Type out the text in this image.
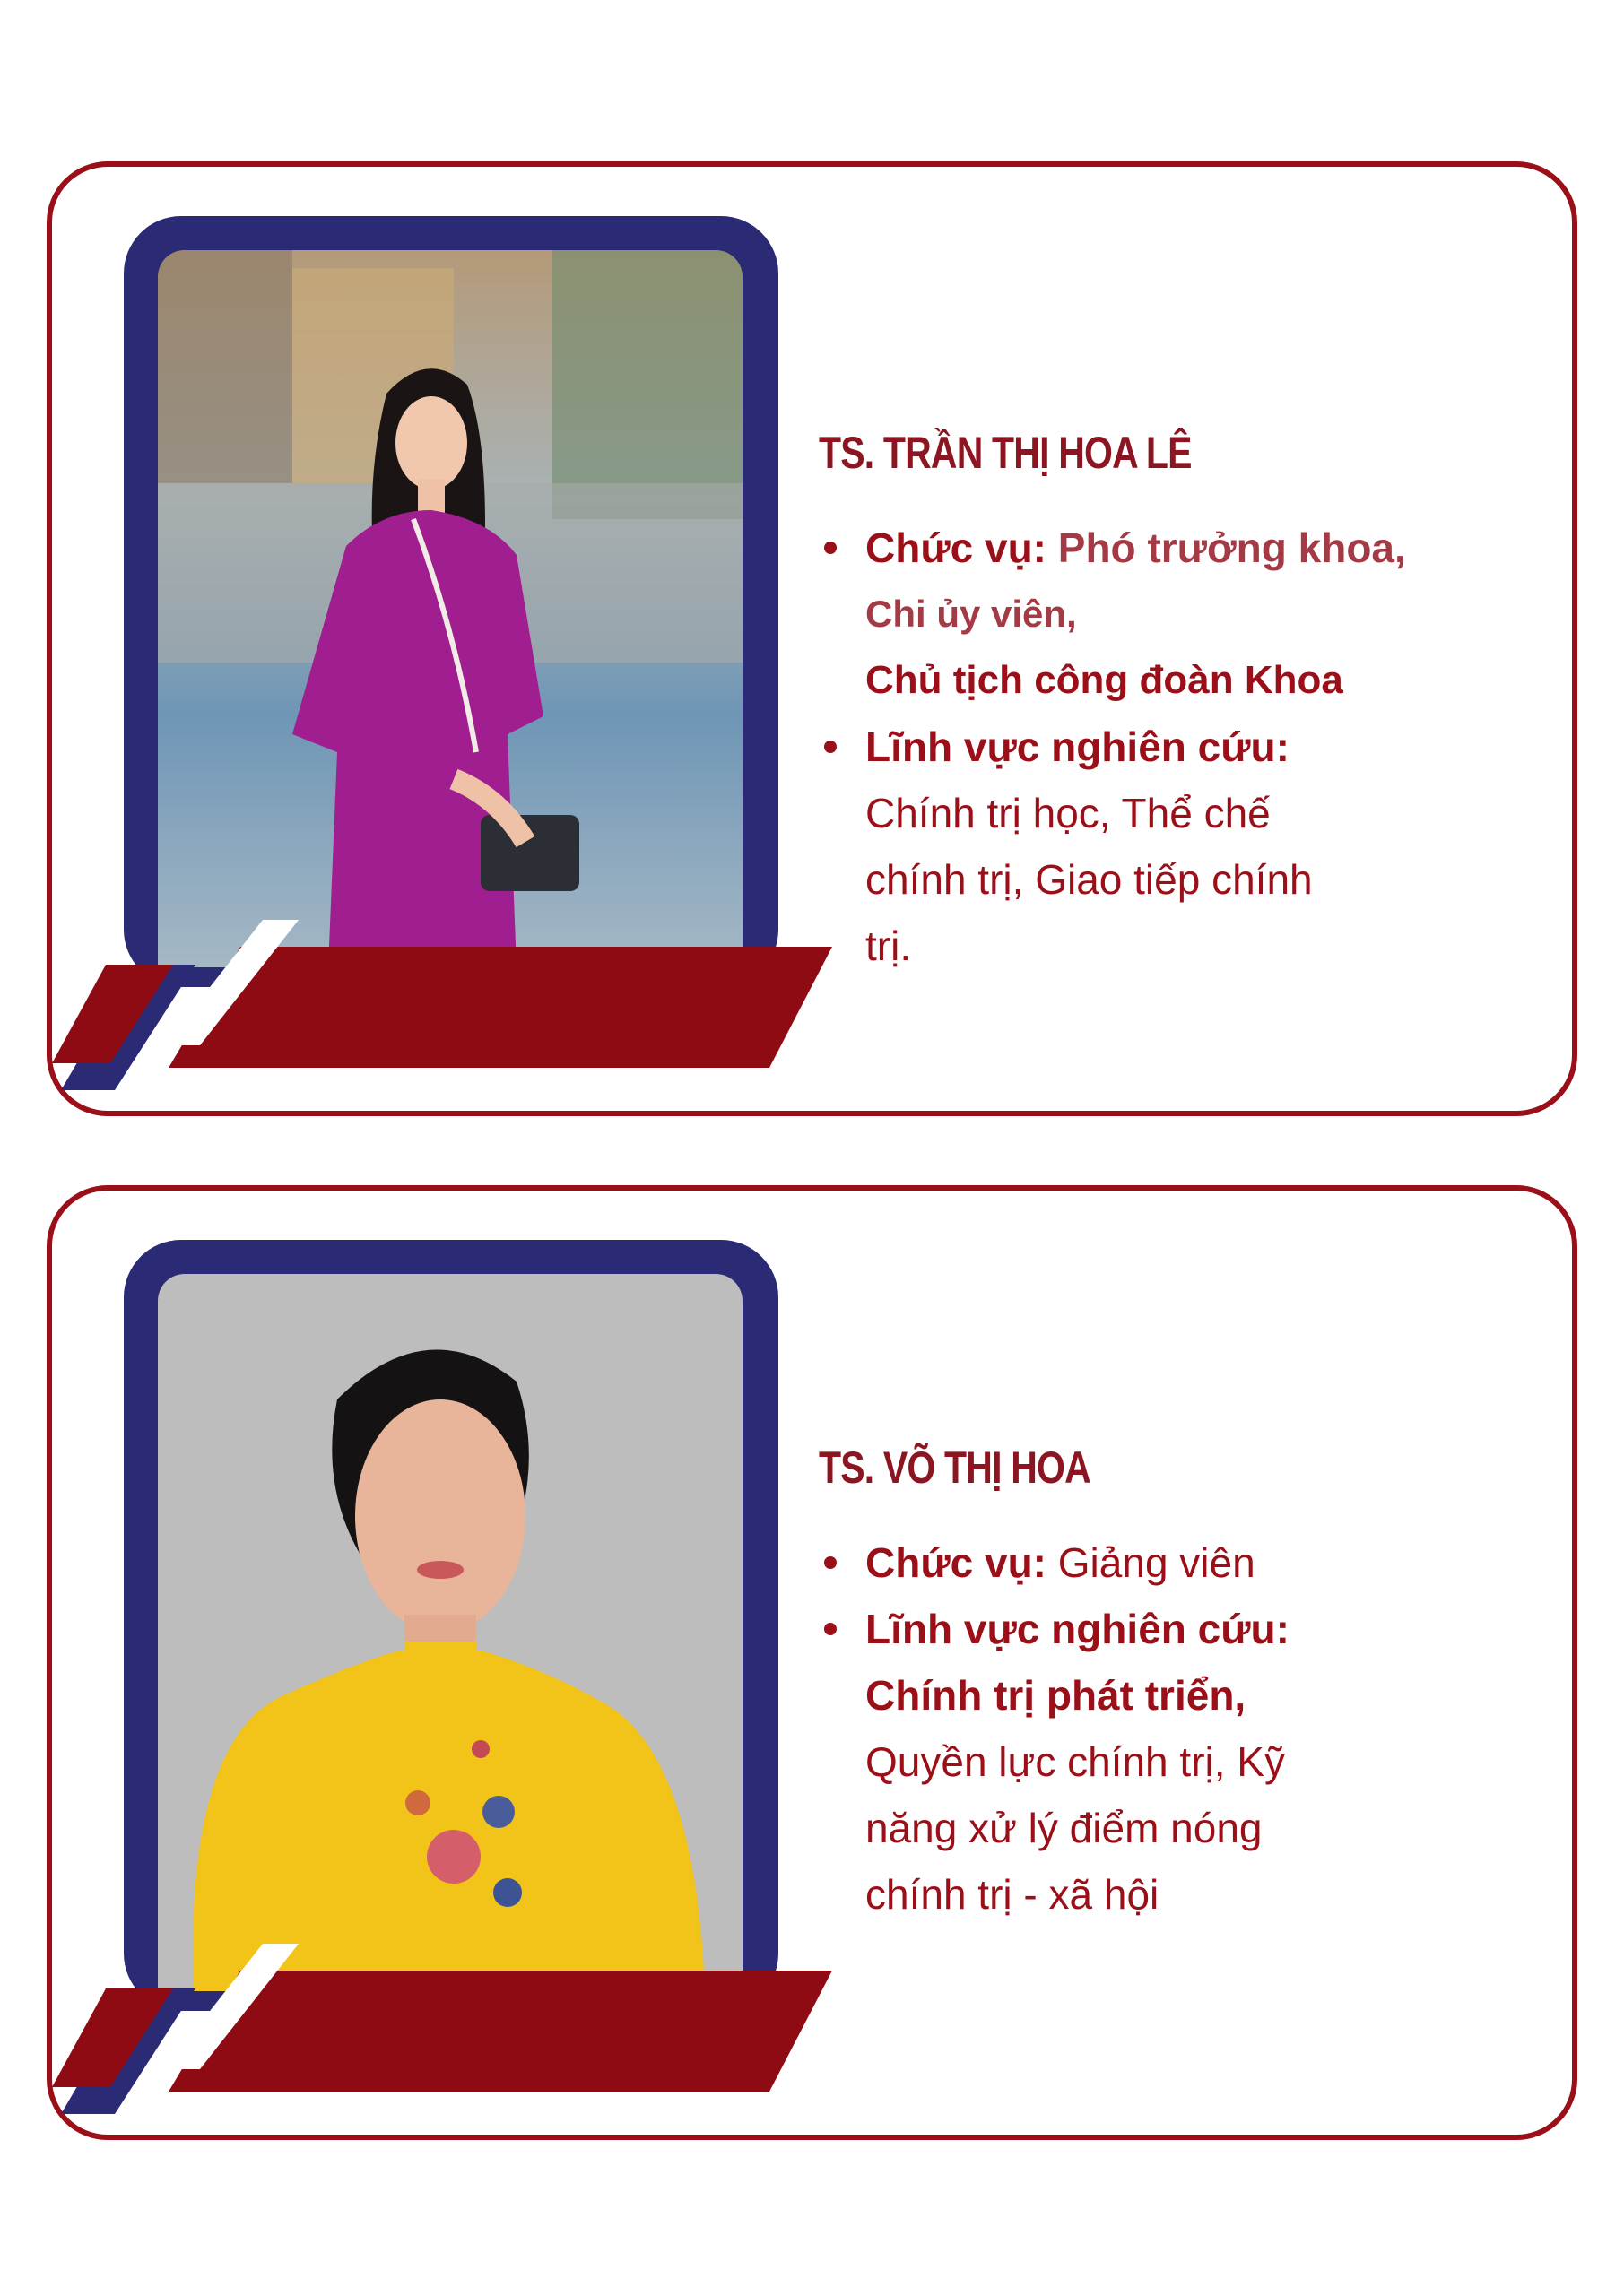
TS. TRẦN THỊ HOA LÊ
Chức vụ: Phó trưởng khoa,
Chi ủy viên,
Chủ tịch công đoàn Khoa
Lĩnh vực nghiên cứu:
Chính trị học, Thể chế
chính trị, Giao tiếp chính
trị.
TS. VÕ THỊ HOA
Chức vụ: Giảng viên
Lĩnh vực nghiên cứu:
Chính trị phát triển,
Quyền lực chính trị, Kỹ
năng xử lý điểm nóng
chính trị - xã hội
